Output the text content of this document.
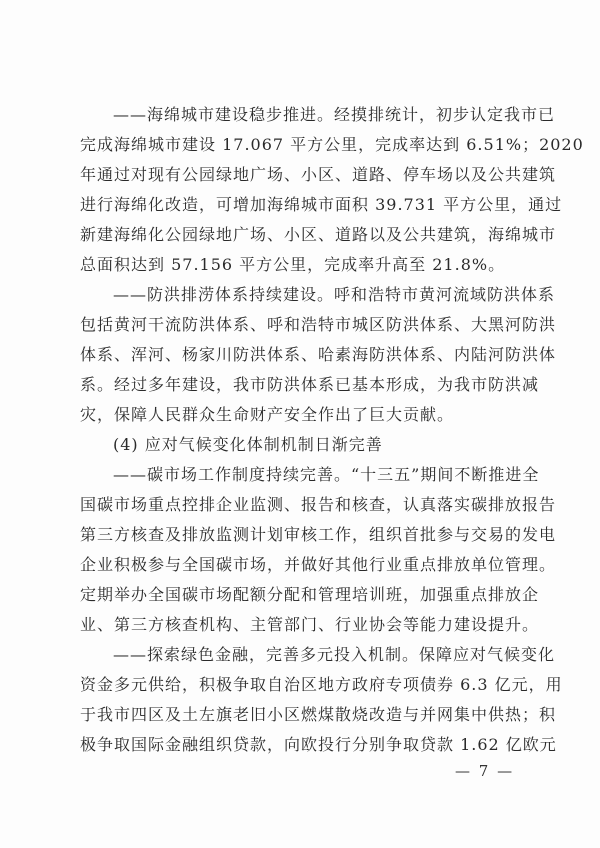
——海绵城市建设稳步推进。经摸排统计，初步认定我市已
完成海绵城市建设 17.067 平方公里，完成率达到 6.51%；2020
年通过对现有公园绿地广场、小区、道路、停车场以及公共建筑
进行海绵化改造，可增加海绵城市面积 39.731 平方公里，通过
新建海绵化公园绿地广场、小区、道路以及公共建筑，海绵城市
总面积达到 57.156 平方公里，完成率升高至 21.8%。
——防洪排涝体系持续建设。呼和浩特市黄河流域防洪体系
包括黄河干流防洪体系、呼和浩特市城区防洪体系、大黑河防洪
体系、浑河、杨家川防洪体系、哈素海防洪体系、内陆河防洪体
系。经过多年建设，我市防洪体系已基本形成，为我市防洪减
灾，保障人民群众生命财产安全作出了巨大贡献。
(4) 应对气候变化体制机制日渐完善
——碳市场工作制度持续完善。“十三五”期间不断推进全
国碳市场重点控排企业监测、报告和核查，认真落实碳排放报告
第三方核查及排放监测计划审核工作，组织首批参与交易的发电
企业积极参与全国碳市场，并做好其他行业重点排放单位管理。
定期举办全国碳市场配额分配和管理培训班，加强重点排放企
业、第三方核查机构、主管部门、行业协会等能力建设提升。
——探索绿色金融，完善多元投入机制。保障应对气候变化
资金多元供给，积极争取自治区地方政府专项债券 6.3 亿元，用
于我市四区及土左旗老旧小区燃煤散烧改造与并网集中供热；积
极争取国际金融组织贷款，向欧投行分别争取贷款 1.62 亿欧元
— 7 —
